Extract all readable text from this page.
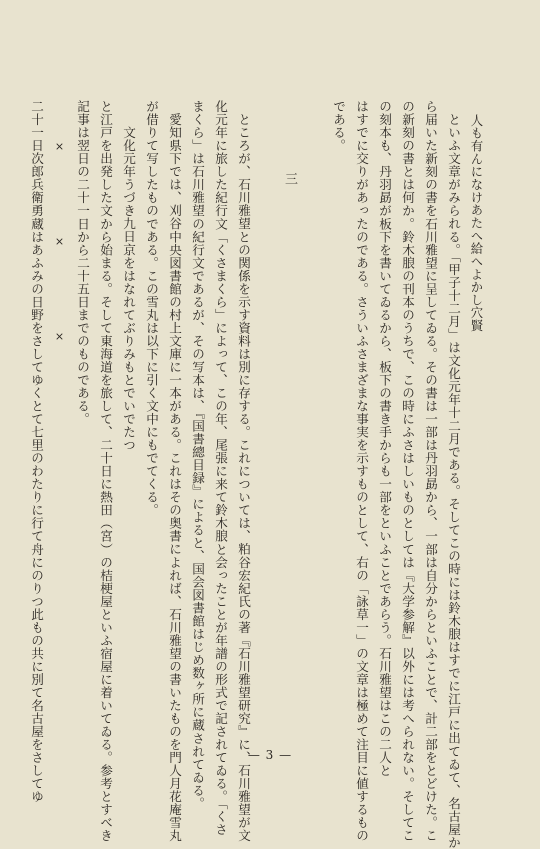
人も有んになけあたへ給へよかし穴賢
といふ文章がみられる。「甲子十二月」は文化元年十二月である。そしてこの時には鈴木朖はすでに江戸に出てゐて、名古屋か
ら届いた新刻の書を石川雅望に呈してゐる。その書は一部は丹羽勗から、一部は自分からといふことで、計二部をとどけた。こ
の新刻の書とは何か。鈴木朖の刊本のうちで、この時にふさはしいものとしては『大学参解』以外には考へられない。そしてこ
の刻本も、丹羽勗が板下を書いてゐるから、板下の書き手からも一部をといふことであらう。石川雅望はこの二人と
はすでに交りがあったのである。さういふさまざまな事実を示すものとして、右の「詠草一」の文章は極めて注目に値するもの
である。
三
ところが、石川雅望との関係を示す資料は別に存する。これについては、粕谷宏紀氏の著『石川雅望研究』に、石川雅望が文
化元年に旅した紀行文「くさまくら」によって、この年、尾張に来て鈴木朖と会ったことが年譜の形式で記されてゐる。「くさ
まくら」は石川雅望の紀行文であるが、その写本は、『国書總目録』によると、国会図書館はじめ数ヶ所に蔵されてゐる。
愛知県下では、刈谷中央図書館の村上文庫に一本がある。これはその奥書によれば、石川雅望の書いたものを門人月花庵雪丸
が借りて写したものである。この雪丸は以下に引く文中にもでてくる。
文化元年うづき九日京をはなれてぶりみもとでいでたつ
と江戸を出発した文から始まる。そして東海道を旅して、二十日に熱田（宮）の桔梗屋といふ宿屋に着いてゐる。参考とすべき
記事は翌日の二十一日から二十五日までのものである。
×　　×　　×
二十一日次郎兵衛勇蔵はあふみの日野をさしてゆくとて七里のわたりに行て舟にのりつ此もの共に別て名古屋をさしてゆ	— 3 —
